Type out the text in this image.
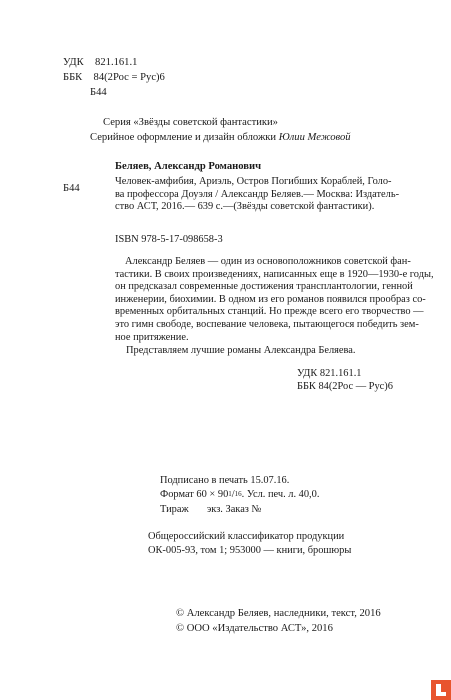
УДК 821.161.1
ББК 84(2Рос = Рус)6
Б44
Серия «Звёзды советской фантастики»
Серийное оформление и дизайн обложки Юлии Межовой
Беляев, Александр Романович
Б44
Человек-амфибия, Ариэль, Остров Погибших Кораблей, Голо-
ва профессора Доуэля / Александр Беляев.— Москва: Издатель-
ство АСТ, 2016.— 639 с.—(Звёзды советской фантастики).
ISBN 978-5-17-098658-3
Александр Беляев — один из основоположников советской фан-
тастики. В своих произведениях, написанных еще в 1920—1930-е годы,
он предсказал современные достижения трансплантологии, генной
инженерии, биохимии. В одном из его романов появился прообраз со-
временных орбитальных станций. Но прежде всего его творчество —
это гимн свободе, воспевание человека, пытающегося победить зем-
ное притяжение.
Представляем лучшие романы Александра Беляева.
УДК 821.161.1
ББК 84(2Рос — Рус)6
Подписано в печать 15.07.16.
Формат $60 \times 90^1/16$. Усл. печ. л. 40,0.
Тираж       экз. Заказ №
Общероссийский классификатор продукции
ОК-005-93, том 1; 953000 — книги, брошюры
© Александр Беляев, наследники, текст, 2016
© ООО «Издательство АСТ», 2016
